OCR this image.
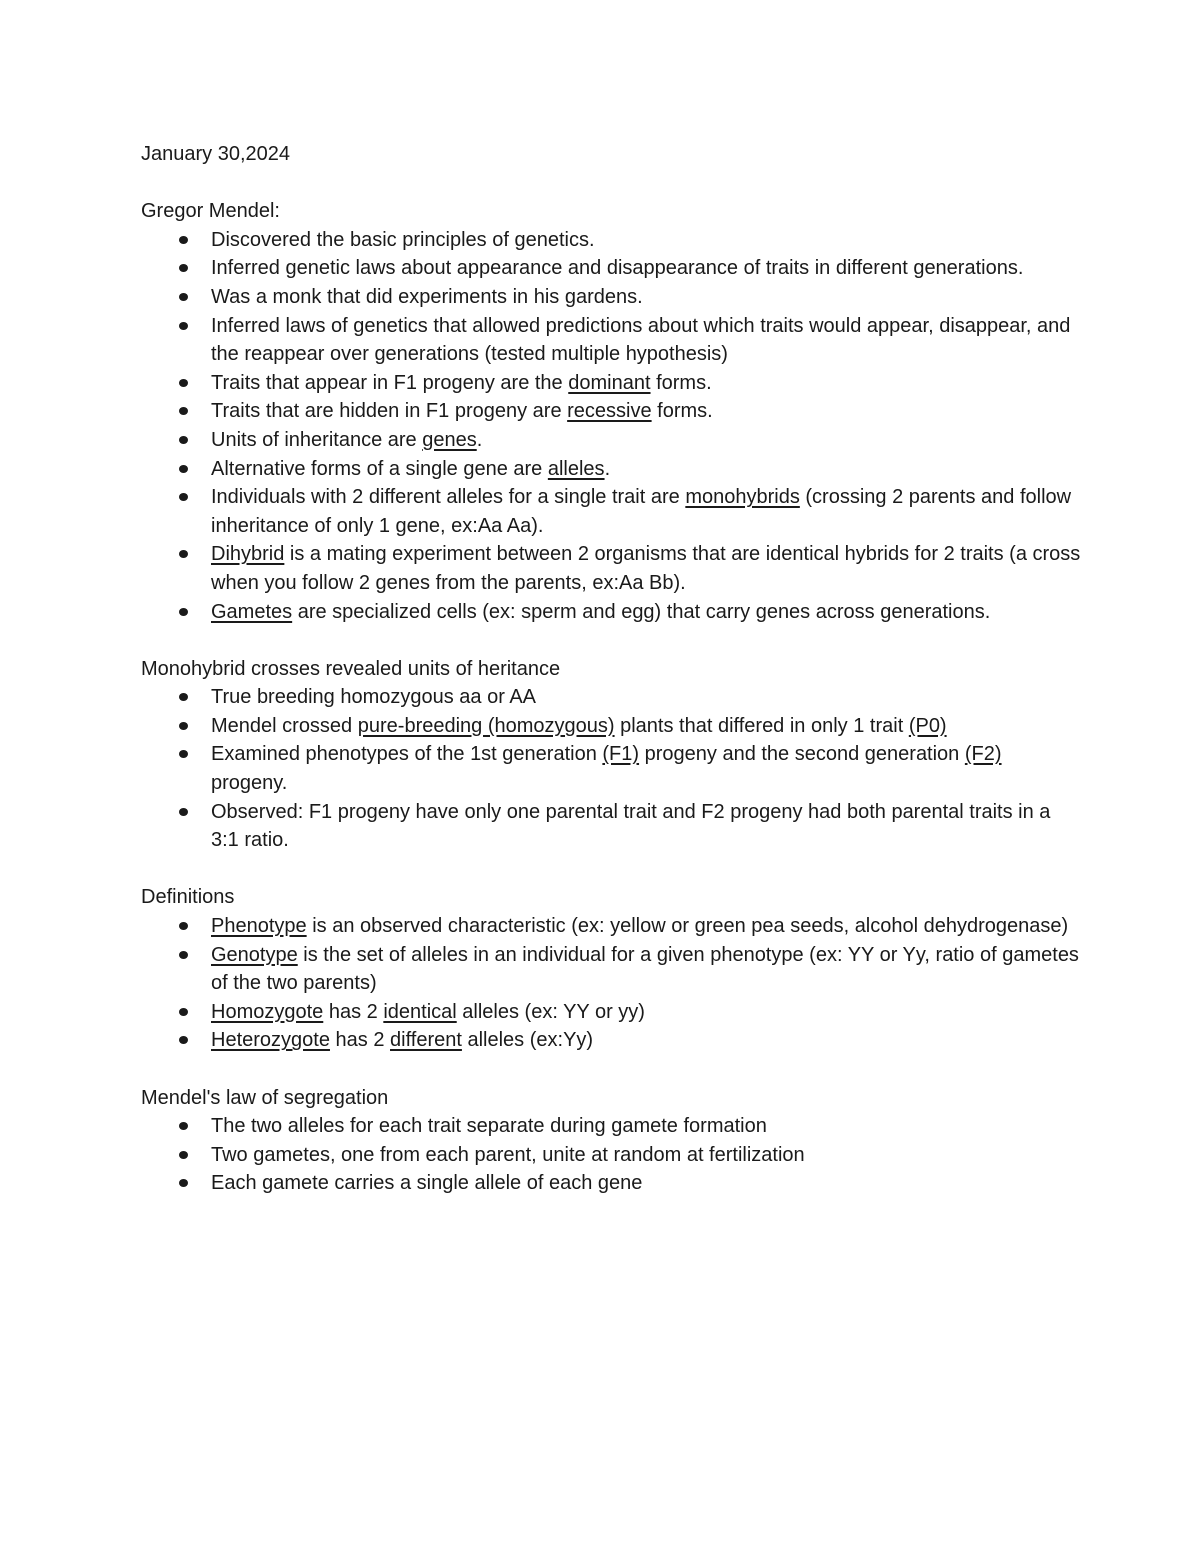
January 30,2024

Gregor Mendel:

Discovered the basic principles of genetics.
Inferred genetic laws about appearance and disappearance of traits in different generations.
Was a monk that did experiments in his gardens.
Inferred laws of genetics that allowed predictions about which traits would appear, disappear, and the reappear over generations (tested multiple hypothesis)
Traits that appear in F1 progeny are the dominant forms.
Traits that are hidden in F1 progeny are recessive forms.
Units of inheritance are genes.
Alternative forms of a single gene are alleles.
Individuals with 2 different alleles for a single trait are monohybrids (crossing 2 parents and follow inheritance of only 1 gene, ex:Aa Aa).
Dihybrid is a mating experiment between 2 organisms that are identical hybrids for 2 traits (a cross when you follow 2 genes from the parents, ex:Aa Bb).
Gametes are specialized cells (ex: sperm and egg) that carry genes across generations.

Monohybrid crosses revealed units of heritance

True breeding homozygous aa or AA
Mendel crossed pure-breeding (homozygous) plants that differed in only 1 trait (P0)
Examined phenotypes of the 1st generation (F1) progeny and the second generation (F2) progeny.
Observed: F1 progeny have only one parental trait and F2 progeny had both parental traits in a 3:1 ratio.

Definitions

Phenotype is an observed characteristic (ex: yellow or green pea seeds, alcohol dehydrogenase)
Genotype is the set of alleles in an individual for a given phenotype (ex: YY or Yy, ratio of gametes of the two parents)
Homozygote has 2 identical alleles (ex: YY or yy)
Heterozygote has 2 different alleles (ex:Yy)

Mendel's law of segregation

The two alleles for each trait separate during gamete formation
Two gametes, one from each parent, unite at random at fertilization
Each gamete carries a single allele of each gene
